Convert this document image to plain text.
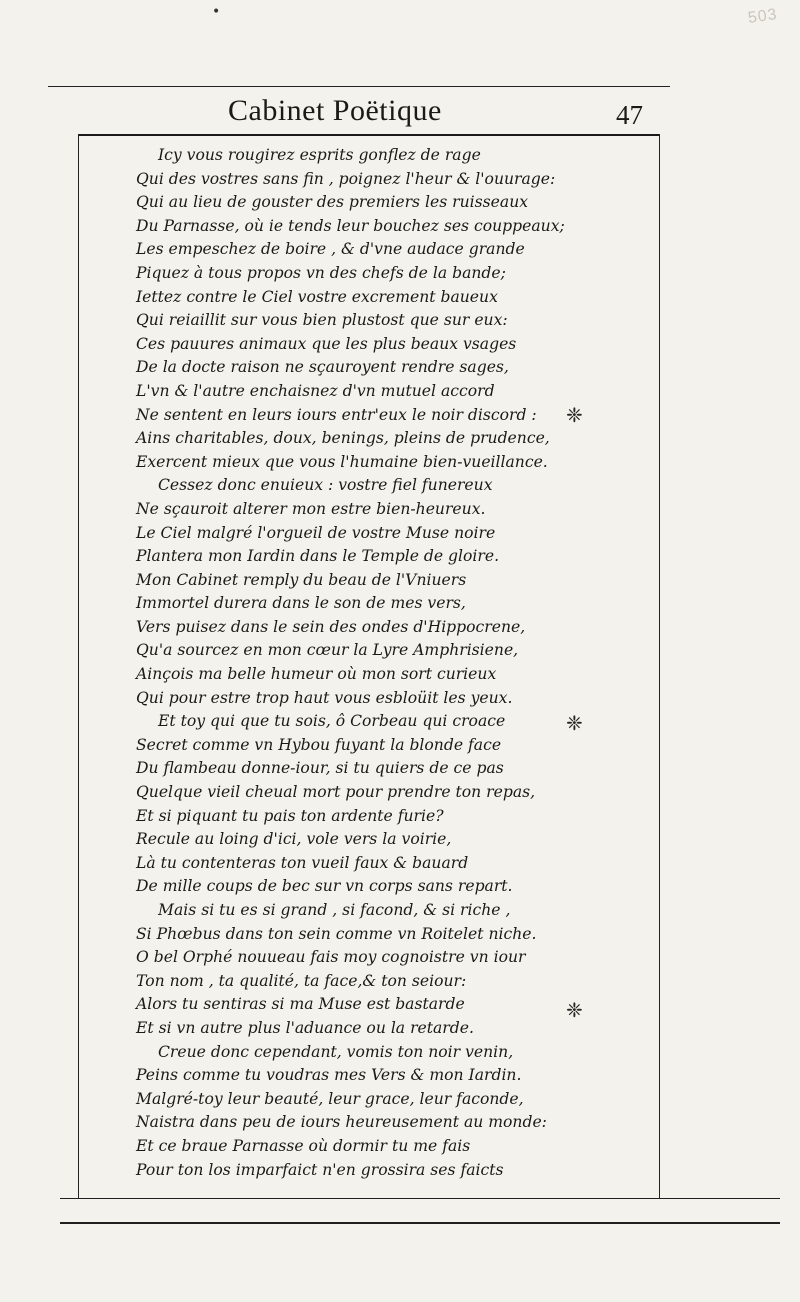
•	503
Cabinet Poëtique	47
Icy vous rougirez esprits gonflez de rage
Qui des vostres sans fin , poignez l'heur & l'ouurage:
Qui au lieu de gouster des premiers les ruisseaux
Du Parnasse, où ie tends leur bouchez ses couppeaux;
Les empeschez de boire , & d'vne audace grande
Piquez à tous propos vn des chefs de la bande;
Iettez contre le Ciel vostre excrement baueux
Qui reiaillit sur vous bien plustost que sur eux:
Ces pauures animaux que les plus beaux vsages
De la docte raison ne sçauroyent rendre sages,
L'vn & l'autre enchaisnez d'vn mutuel accord
Ne sentent en leurs iours entr'eux le noir discord :
Ains charitables, doux, benings, pleins de prudence,
Exercent mieux que vous l'humaine bien-vueillance.
Cessez donc enuieux : vostre fiel funereux
Ne sçauroit alterer mon estre bien-heureux.
Le Ciel malgré l'orgueil de vostre Muse noire
Plantera mon Iardin dans le Temple de gloire.
Mon Cabinet remply du beau de l'Vniuers
Immortel durera dans le son de mes vers,
Vers puisez dans le sein des ondes d'Hippocrene,
Qu'a sourcez en mon cœur la Lyre Amphrisiene,
Ainçois ma belle humeur où mon sort curieux
Qui pour estre trop haut vous esbloüit les yeux.
Et toy qui que tu sois, ô Corbeau qui croace
Secret comme vn Hybou fuyant la blonde face
Du flambeau donne-iour, si tu quiers de ce pas
Quelque vieil cheual mort pour prendre ton repas,
Et si piquant tu pais ton ardente furie?
Recule au loing d'ici, vole vers la voirie,
Là tu contenteras ton vueil faux & bauard
De mille coups de bec sur vn corps sans repart.
Mais si tu es si grand , si facond, & si riche ,
Si Phœbus dans ton sein comme vn Roitelet niche.
O bel Orphé nouueau fais moy cognoistre vn iour
Ton nom , ta qualité, ta face,& ton seiour:
Alors tu sentiras si ma Muse est bastarde
Et si vn autre plus l'aduance ou la retarde.
Creue donc cependant, vomis ton noir venin,
Peins comme tu voudras mes Vers & mon Iardin.
Malgré-toy leur beauté, leur grace, leur faconde,
Naistra dans peu de iours heureusement au monde:
Et ce braue Parnasse où dormir tu me fais
Pour ton los imparfaict n'en grossira ses faicts
❈
❈
❈
